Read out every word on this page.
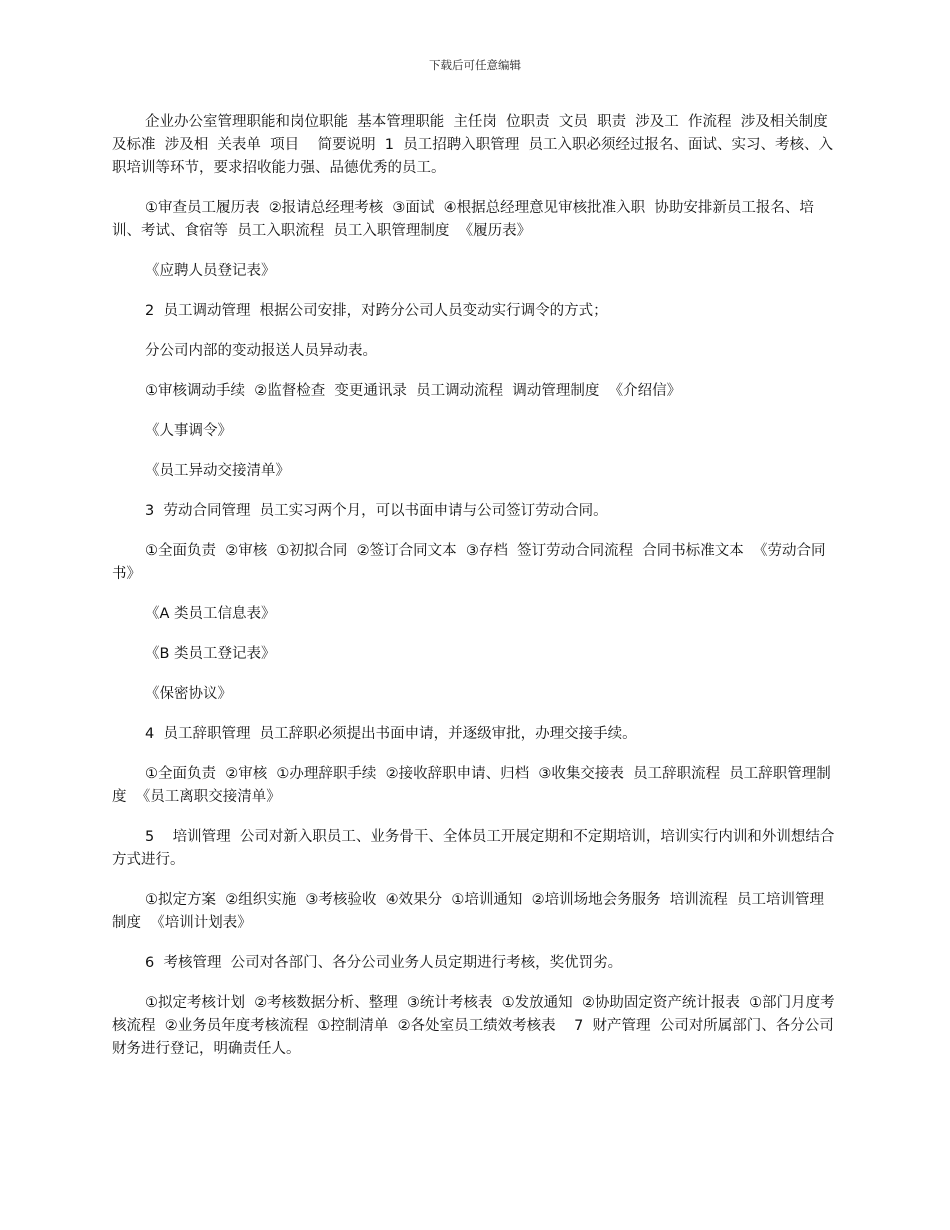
下载后可任意编辑

企业办公室管理职能和岗位职能  基本管理职能  主任岗  位职责  文员  职责  涉及工  作流程  涉及相关制度及标准  涉及相  关表单  项目    简要说明  1  员工招聘入职管理  员工入职必须经过报名、面试、实习、考核、入职培训等环节，要求招收能力强、品德优秀的员工。

①审查员工履历表  ②报请总经理考核  ③面试  ④根据总经理意见审核批准入职  协助安排新员工报名、培训、考试、食宿等  员工入职流程  员工入职管理制度  《履历表》

《应聘人员登记表》

2  员工调动管理  根据公司安排，对跨分公司人员变动实行调令的方式；

分公司内部的变动报送人员异动表。

①审核调动手续  ②监督检查  变更通讯录  员工调动流程  调动管理制度  《介绍信》

《人事调令》

《员工异动交接清单》

3  劳动合同管理  员工实习两个月，可以书面申请与公司签订劳动合同。

①全面负责  ②审核  ①初拟合同  ②签订合同文本  ③存档  签订劳动合同流程  合同书标准文本  《劳动合同书》

《A 类员工信息表》

《B 类员工登记表》

《保密协议》

4  员工辞职管理  员工辞职必须提出书面申请，并逐级审批，办理交接手续。

①全面负责  ②审核  ①办理辞职手续  ②接收辞职申请、归档  ③收集交接表  员工辞职流程  员工辞职管理制度  《员工离职交接清单》

5    培训管理  公司对新入职员工、业务骨干、全体员工开展定期和不定期培训，培训实行内训和外训想结合方式进行。

①拟定方案  ②组织实施  ③考核验收  ④效果分  ①培训通知  ②培训场地会务服务  培训流程  员工培训管理制度  《培训计划表》

6  考核管理  公司对各部门、各分公司业务人员定期进行考核，奖优罚劣。

①拟定考核计划  ②考核数据分析、整理  ③统计考核表  ①发放通知  ②协助固定资产统计报表  ①部门月度考核流程  ②业务员年度考核流程  ①控制清单  ②各处室员工绩效考核表    7  财产管理  公司对所属部门、各分公司财务进行登记，明确责任人。
